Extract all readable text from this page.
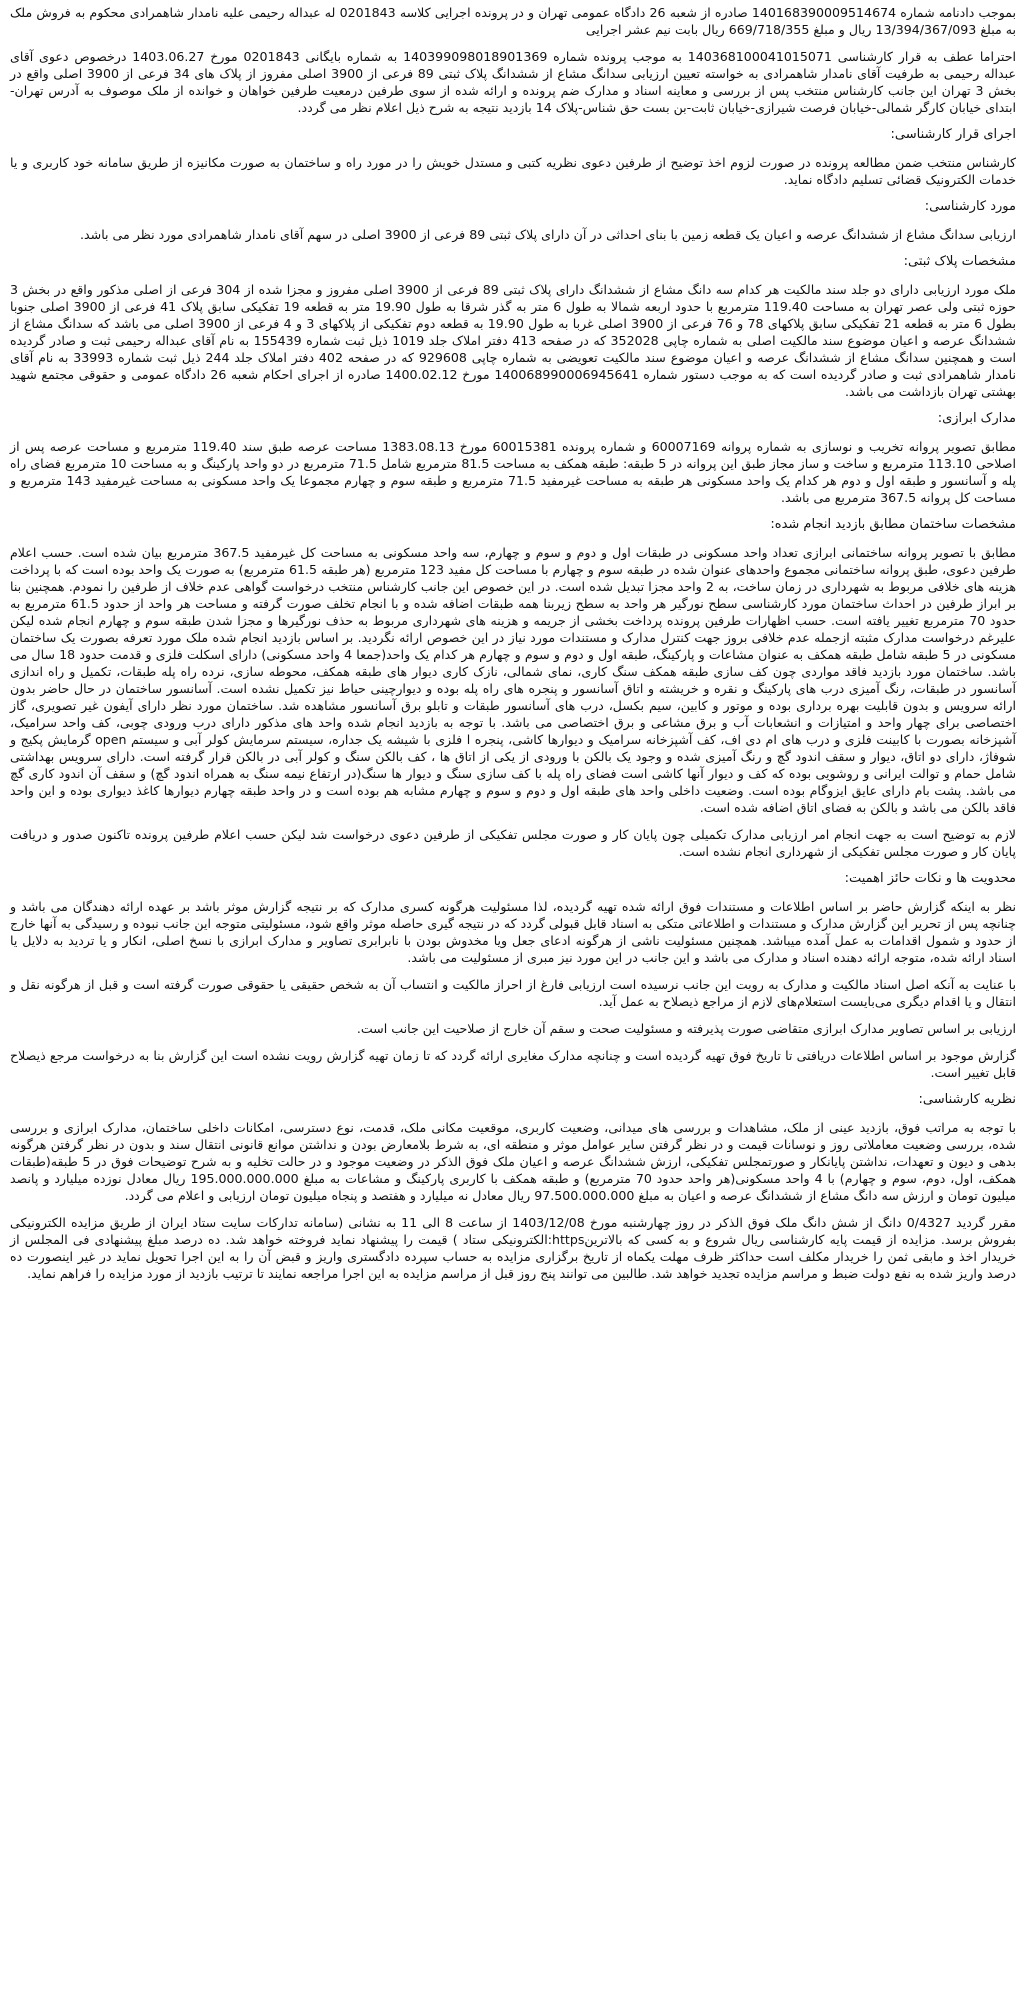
بموجب دادنامه شماره 140168390009514674 صادره از شعبه 26 دادگاه عمومی تهران و در پرونده اجرایی کلاسه 0201843 له عبداله رحیمی علیه نامدار شاهمرادی محکوم به فروش ملک به مبلغ 13/394/367/093 ریال و مبلغ 669/718/355 ریال بابت نیم عشر اجرایی

احتراما عطف به قرار کارشناسی 140368100041015071 به موجب پرونده شماره 140399098018901369 به شماره بایگانی 0201843 مورخ 1403.06.27 درخصوص دعوی آقای عبداله رحیمی به طرفیت آقای نامدار شاهمرادی به خواسته تعیین ارزیابی سدانگ مشاع از ششدانگ پلاک ثبتی 89 فرعی از 3900 اصلی مفروز از پلاک های 34 فرعی از 3900 اصلی واقع در بخش 3 تهران این جانب کارشناس منتخب پس از بررسی و معاینه اسناد و مدارک ضم پرونده و ارائه شده از سوی طرفین درمعیت طرفین خواهان و خوانده از ملک موصوف به آدرس تهران-ابتدای خیابان کارگر شمالی-خیابان فرصت شیرازی-خیابان ثابت-بن بست حق شناس-پلاک 14 بازدید نتیجه به شرح ذیل اعلام نظر می گردد.

اجرای قرار کارشناسی:

کارشناس منتخب ضمن مطالعه پرونده در صورت لزوم اخذ توضیح از طرفین دعوی نظریه کتبی و مستدل خویش را در مورد راه و ساختمان به صورت مکانیزه از طریق سامانه خود کاربری و یا خدمات الکترونیک قضائی تسلیم دادگاه نماید.

مورد کارشناسی:

ارزیابی سدانگ مشاع از ششدانگ عرصه و اعیان یک قطعه زمین با بنای احداثی در آن دارای پلاک ثبتی 89 فرعی از 3900 اصلی در سهم آقای نامدار شاهمرادی مورد نظر می باشد.

مشخصات پلاک ثبتی:

ملک مورد ارزیابی دارای دو جلد سند مالکیت هر کدام سه دانگ مشاع از ششدانگ دارای پلاک ثبتی 89 فرعی از 3900 اصلی مفروز و مجزا شده از 304 فرعی از اصلی مذکور واقع در بخش 3 حوزه ثبتی ولی عصر تهران به مساحت 119.40 مترمربع با حدود اربعه شمالا به طول 6 متر به گذر شرقا به طول 19.90 متر به قطعه 19 تفکیکی سابق پلاک 41 فرعی از 3900 اصلی جنوبا بطول 6 متر به قطعه 21 تفکیکی سابق پلاکهای 78 و 76 فرعی از 3900 اصلی غربا به طول 19.90 به قطعه دوم تفکیکی از پلاکهای 3 و 4 فرعی از 3900 اصلی می باشد که سدانگ مشاع از ششدانگ عرصه و اعیان موضوع سند مالکیت اصلی به شماره چاپی 352028 که در صفحه 413 دفتر املاک جلد 1019 ذیل ثبت شماره 155439 به نام آقای عبداله رحیمی ثبت و صادر گردیده است و همچنین سدانگ مشاع از ششدانگ عرصه و اعیان موضوع سند مالکیت تعویضی به شماره چاپی 929608 که در صفحه 402 دفتر املاک جلد 244 ذیل ثبت شماره 33993 به نام آقای نامدار شاهمرادی ثبت و صادر گردیده است که به موجب دستور شماره 140068990006945641 مورخ 1400.02.12 صادره از اجرای احکام شعبه 26 دادگاه عمومی و حقوقی مجتمع شهید بهشتی تهران بازداشت می باشد.

مدارک ابرازی:

مطابق تصویر پروانه تخریب و نوسازی به شماره پروانه 60007169 و شماره پرونده 60015381 مورخ 1383.08.13 مساحت عرصه طبق سند 119.40 مترمربع و مساحت عرصه پس از اصلاحی 113.10 مترمربع و ساخت و ساز مجاز طبق این پروانه در 5 طبقه: طبقه همکف به مساحت 81.5 مترمربع شامل 71.5 مترمربع در دو واحد پارکینگ و به مساحت 10 مترمربع فضای راه پله و آسانسور و طبقه اول و دوم هر کدام یک واحد مسکونی هر طبقه به مساحت غیرمفید 71.5 مترمربع و طبقه سوم و چهارم مجموعا یک واحد مسکونی به مساحت غیرمفید 143 مترمربع و مساحت کل پروانه 367.5 مترمربع می باشد.

مشخصات ساختمان مطابق بازدید انجام شده:

مطابق با تصویر پروانه ساختمانی ابرازی تعداد واحد مسکونی در طبقات اول و دوم و سوم و چهارم، سه واحد مسکونی به مساحت کل غیرمفید 367.5 مترمربع بیان شده است. حسب اعلام طرفین دعوی، طبق پروانه ساختمانی مجموع واحدهای عنوان شده در طبقه سوم و چهارم با مساحت کل مفید 123 مترمربع (هر طبقه 61.5 مترمربع) به صورت یک واحد بوده است که با پرداخت هزینه های خلافی مربوط به شهرداری در زمان ساخت، به 2 واحد مجزا تبدیل شده است. در این خصوص این جانب کارشناس منتخب درخواست گواهی عدم خلاف از طرفین را نمودم. همچنین بنا بر ابراز طرفین در احداث ساختمان مورد کارشناسی سطح نورگیر هر واحد به سطح زیربنا همه طبقات اضافه شده و با انجام تخلف صورت گرفته و مساحت هر واحد از حدود 61.5 مترمربع به حدود 70 مترمربع تغییر یافته است. حسب اظهارات طرفین پرونده پرداخت بخشی از جریمه و هزینه های شهرداری مربوط به حذف نورگیرها و مجزا شدن طبقه سوم و چهارم انجام شده لیکن علیرغم درخواست مدارک مثبته ازجمله عدم خلافی بروز جهت کنترل مدارک و مستندات مورد نیاز در این خصوص ارائه نگردید. بر اساس بازدید انجام شده ملک مورد تعرفه بصورت یک ساختمان مسکونی در 5 طبقه شامل طبقه همکف به عنوان مشاعات و پارکینگ، طبقه اول و دوم و سوم و چهارم هر کدام یک واحد(جمعا 4 واحد مسکونی) دارای اسکلت فلزی و قدمت حدود 18 سال می باشد. ساختمان مورد بازدید فاقد مواردی چون کف سازی طبقه همکف سنگ کاری، نمای شمالی، نازک کاری دیوار های طبقه همکف، محوطه سازی، نرده راه پله طبقات، تکمیل و راه اندازی آسانسور در طبقات، رنگ آمیزی درب های پارکینگ و نقره و خریشته و اتاق آسانسور و پنجره های راه پله بوده و دیوارچینی حیاط نیز تکمیل نشده است. آسانسور ساختمان در حال حاضر بدون ارائه سرویس و بدون قابلیت بهره برداری بوده و موتور و کابین، سیم بکسل، درب های آسانسور طبقات و تابلو برق آسانسور مشاهده شد. ساختمان مورد نظر دارای آیفون غیر تصویری، گاز اختصاصی برای چهار واحد و امتیازات و انشعابات آب و برق مشاعی و برق اختصاصی می باشد. با توجه به بازدید انجام شده واحد های مذکور دارای درب ورودی چوبی، کف واحد سرامیک، آشپزخانه بصورت با کابینت فلزی و درب های ام دی اف، کف آشپزخانه سرامیک و دیوارها کاشی، پنجره ا فلزی با شیشه یک جداره، سیستم سرمایش کولر آبی و سیستم open گرمایش پکیج و شوفاژ، دارای دو اتاق، دیوار و سقف اندود گچ و رنگ آمیزی شده و وجود یک بالکن با ورودی از یکی از اتاق ها ، کف بالکن سنگ و کولر آبی در بالکن قرار گرفته است. دارای سرویس بهداشتی شامل حمام و توالت ایرانی و روشویی بوده که کف و دیوار آنها کاشی است فضای راه پله با کف سازی سنگ و دیوار ها سنگ(در ارتفاع نیمه سنگ به همراه اندود گچ) و سقف آن اندود کاری گچ می باشد. پشت بام دارای عایق ایزوگام بوده است. وضعیت داخلی واحد های طبقه اول و دوم و سوم و چهارم مشابه هم بوده است و در واحد طبقه چهارم دیوارها کاغذ دیواری بوده و این واحد فاقد بالکن می باشد و بالکن به فضای اتاق اضافه شده است.

لازم به توضیح است به جهت انجام امر ارزیابی مدارک تکمیلی چون پایان کار و صورت مجلس تفکیکی از طرفین دعوی درخواست شد لیکن حسب اعلام طرفین پرونده تاکنون صدور و دریافت پایان کار و صورت مجلس تفکیکی از شهرداری انجام نشده است.

محدویت ها و نکات حائز اهمیت:

نظر به اینکه گزارش حاضر بر اساس اطلاعات و مستندات فوق ارائه شده تهیه گردیده، لذا مسئولیت هرگونه کسری مدارک که بر نتیجه گزارش موثر باشد بر عهده ارائه دهندگان می باشد و چنانچه پس از تحریر این گزارش مدارک و مستندات و اطلاعاتی متکی به اسناد قابل قبولی گردد که در نتیجه گیری حاصله موثر واقع شود، مسئولیتی متوجه این جانب نبوده و رسیدگی به آنها خارج از حدود و شمول اقدامات به عمل آمده میباشد. همچنین مسئولیت ناشی از هرگونه ادعای جعل ویا مخدوش بودن با نابرابری تصاویر و مدارک ابرازی با نسخ اصلی، انکار و یا تردید به دلایل یا اسناد ارائه شده، متوجه ارائه دهنده اسناد و مدارک می باشد و این جانب در این مورد نیز مبری از مسئولیت می باشد.

با عنایت به آنکه اصل اسناد مالکیت و مدارک به رویت این جانب نرسیده است ارزیابی فارغ از احراز مالکیت و انتساب آن به شخص حقیقی یا حقوقی صورت گرفته است و قبل از هرگونه نقل و انتقال و یا اقدام دیگری می‌بایست استعلام‌های لازم از مراجع ذیصلاح به عمل آید.

ارزیابی بر اساس تصاویر مدارک ابرازی متقاضی صورت پذیرفته و مسئولیت صحت و سقم آن خارج از صلاحیت این جانب است.

گزارش موجود بر اساس اطلاعات دریافتی تا تاریخ فوق تهیه گردیده است و چنانچه مدارک مغایری ارائه گردد که تا زمان تهیه گزارش رویت نشده است این گزارش بنا به درخواست مرجع ذیصلاح قابل تغییر است.

نظریه کارشناسی:

با توجه به مراتب فوق، بازدید عینی از ملک، مشاهدات و بررسی های میدانی، وضعیت کاربری، موقعیت مکانی ملک، قدمت، نوع دسترسی، امکانات داخلی ساختمان، مدارک ابرازی و بررسی شده، بررسی وضعیت معاملاتی روز و نوسانات قیمت و در نظر گرفتن سایر عوامل موثر و منطقه ای، به شرط بلامعارض بودن و نداشتن موانع قانونی انتقال سند و بدون در نظر گرفتن هرگونه بدهی و دیون و تعهدات، نداشتن پایانکار و صورتمجلس تفکیکی، ارزش ششدانگ عرصه و اعیان ملک فوق الذکر در وضعیت موجود و در حالت تخلیه و به شرح توضیحات فوق در 5 طبقه(طبقات همکف، اول، دوم، سوم و چهارم) با 4 واحد مسکونی(هر واحد حدود 70 مترمربع) و طبقه همکف با کاربری پارکینگ و مشاعات به مبلغ 195.000.000.000 ریال معادل نوزده میلیارد و پانصد میلیون تومان و ارزش سه دانگ مشاع از ششدانگ عرصه و اعیان به مبلغ 97.500.000.000 ریال معادل نه میلیارد و هفتصد و پنجاه میلیون تومان ارزیابی و اعلام می گردد.

مقرر گردید 0/4327 دانگ از شش دانگ ملک فوق الذکر در روز چهارشنبه مورخ 1403/12/08 از ساعت 8 الی 11 به نشانی (سامانه تدارکات سایت ستاد ایران از طریق مزایده الکترونیکی بفروش برسد. مزایده از قیمت پایه کارشناسی ریال شروع و به کسی که بالاترینhttps:الکترونیکی ستاد ) قیمت را پیشنهاد نماید فروخته خواهد شد. ده درصد مبلغ پیشنهادی فی المجلس از خریدار اخذ و مابقی ثمن را خریدار مکلف است حداکثر ظرف مهلت یکماه از تاریخ برگزاری مزایده به حساب سپرده دادگستری واریز و قبض آن را به این اجرا تحویل نماید در غیر اینصورت ده درصد واریز شده به نفع دولت ضبط و مراسم مزایده تجدید خواهد شد. طالبین می توانند پنج روز قبل از مراسم مزایده به این اجرا مراجعه نمایند تا ترتیب بازدید از مورد مزایده را فراهم نماید.
